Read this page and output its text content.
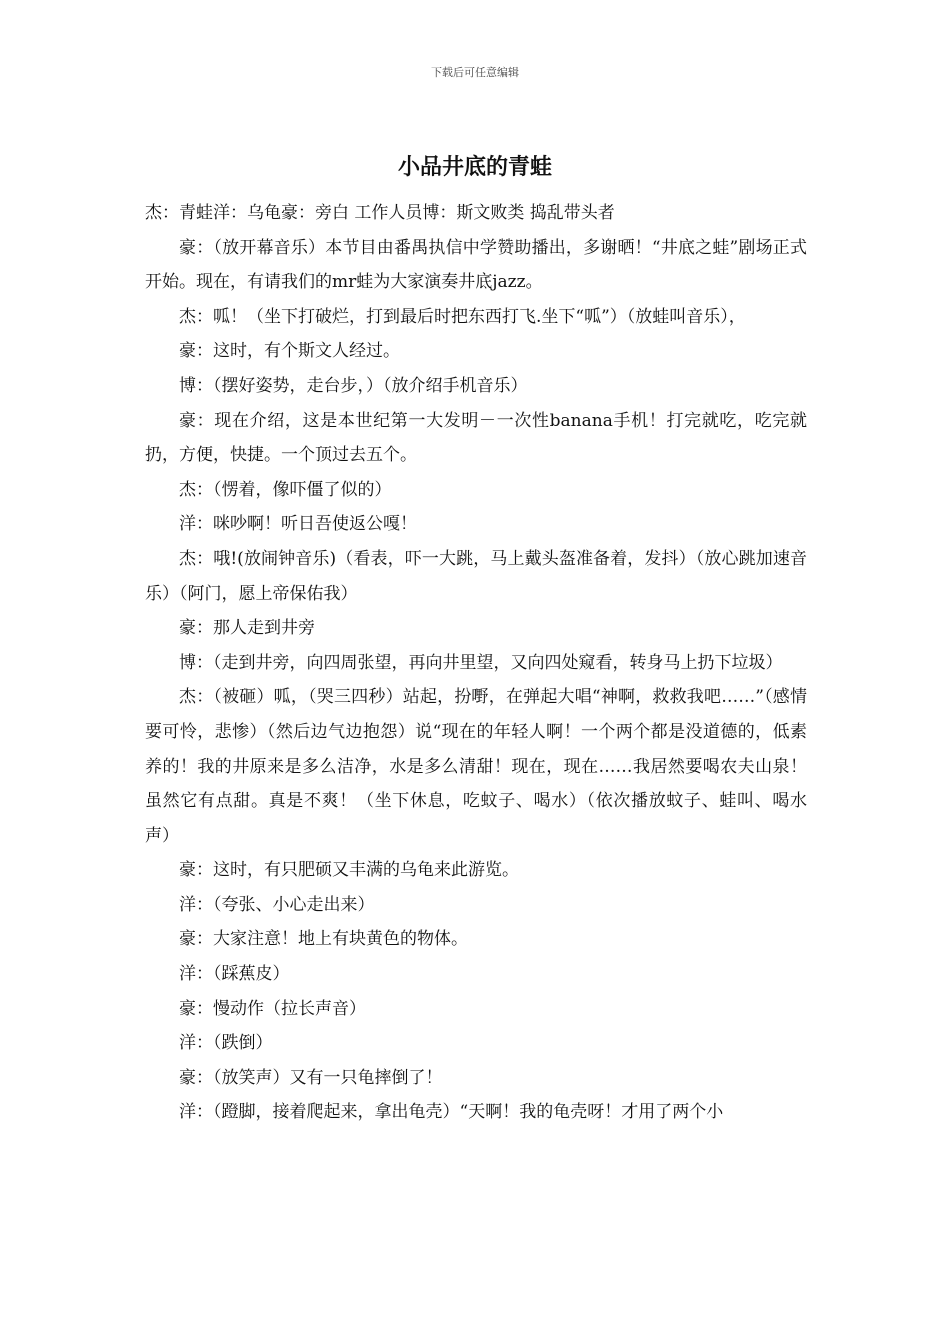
下载后可任意编辑
小品井底的青蛙

杰：青蛙洋：乌龟豪：旁白 工作人员博：斯文败类 捣乱带头者

豪：（放开幕音乐）本节目由番禺执信中学赞助播出，多谢晒！“井底之蛙”剧场正式开始。现在，有请我们的mr蛙为大家演奏井底jazz。

杰：呱！（坐下打破烂，打到最后时把东西打飞.坐下“呱”）（放蛙叫音乐），

豪：这时，有个斯文人经过。

博：（摆好姿势，走台步，）（放介绍手机音乐）

豪：现在介绍，这是本世纪第一大发明－一次性banana手机！打完就吃，吃完就扔，方便，快捷。一个顶过去五个。

杰：（愣着，像吓僵了似的）

洋：咪吵啊！听日吾使返公嘎！

杰：哦!(放闹钟音乐)（看表，吓一大跳，马上戴头盔准备着，发抖）（放心跳加速音乐）（阿门，愿上帝保佑我）

豪：那人走到井旁

博：（走到井旁，向四周张望，再向井里望，又向四处窥看，转身马上扔下垃圾）

杰：（被砸）呱，（哭三四秒）站起，扮嘢，在弹起大唱“神啊，救救我吧……”（感情要可怜，悲惨）（然后边气边抱怨）说“现在的年轻人啊！一个两个都是没道德的，低素养的！我的井原来是多么洁净，水是多么清甜！现在，现在……我居然要喝农夫山泉！虽然它有点甜。真是不爽！（坐下休息，吃蚊子、喝水）（依次播放蚊子、蛙叫、喝水声）

豪：这时，有只肥硕又丰满的乌龟来此游览。

洋：（夸张、小心走出来）

豪：大家注意！地上有块黄色的物体。

洋：（踩蕉皮）

豪：慢动作（拉长声音）

洋：（跌倒）

豪：（放笑声）又有一只龟摔倒了！

洋：（蹬脚，接着爬起来，拿出龟壳）“天啊！我的龟壳呀！才用了两个小
